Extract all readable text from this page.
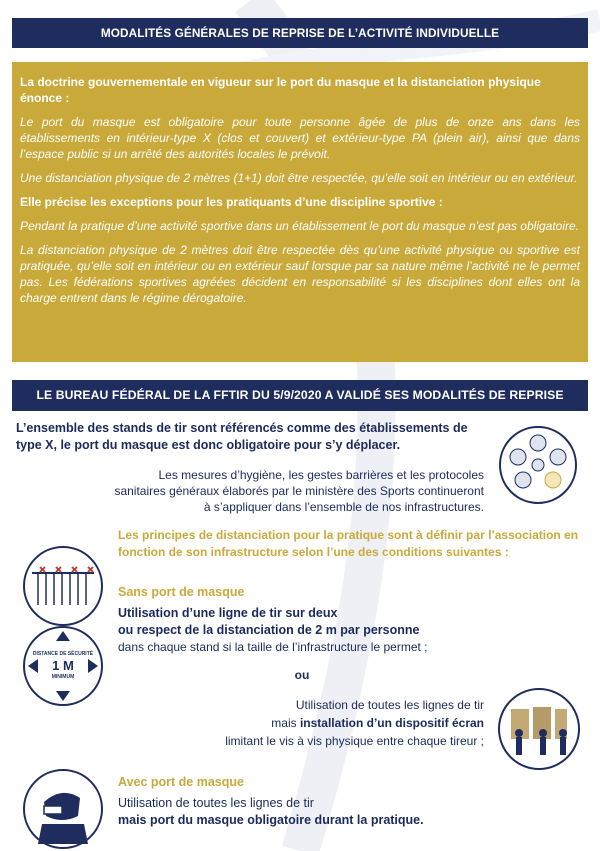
MODALITÉS GÉNÉRALES DE REPRISE DE L’ACTIVITÉ INDIVIDUELLE

La doctrine gouvernementale en vigueur sur le port du masque et la distanciation physique énonce :

Le port du masque est obligatoire pour toute personne âgée de plus de onze ans dans les établissements en intérieur-type X (clos et couvert) et extérieur-type PA (plein air), ainsi que dans l’espace public si un arrêté des autorités locales le prévoit.

Une distanciation physique de 2 mètres (1+1) doit être respectée, qu’elle soit en intérieur ou en extérieur.

Elle précise les exceptions pour les pratiquants d’une discipline sportive :

Pendant la pratique d’une activité sportive dans un établissement le port du masque n’est pas obligatoire.

La distanciation physique de 2 mètres doit être respectée dès qu’une activité physique ou sportive est pratiquée, qu’elle soit en intérieur ou en extérieur sauf lorsque par sa nature même l’activité ne le permet pas. Les fédérations sportives agréées décident en responsabilité si les disciplines dont elles ont la charge entrent dans le régime dérogatoire.

LE BUREAU FÉDÉRAL DE LA FFTIR DU 5/9/2020 A VALIDÉ SES MODALITÉS DE REPRISE
L’ensemble des stands de tir sont référencés comme des établissements de type X, le port du masque est donc obligatoire pour s’y déplacer.
Les mesures d’hygiène, les gestes barrières et les protocoles sanitaires généraux élaborés par le ministère des Sports continueront à s’appliquer dans l’ensemble de nos infrastructures.
Les principes de distanciation pour la pratique sont à définir par l’association en fonction de son infrastructure selon l’une des conditions suivantes :
Sans port de masque
Utilisation d’une ligne de tir sur deux
ou respect de la distanciation de 2 m par personne
dans chaque stand si la taille de l’infrastructure le permet ;
DISTANCE DE SÉCURITÉ
1 M
MINIMUM	ou
Utilisation de toutes les lignes de tir
mais installation d’un dispositif écran
limitant le vis à vis physique entre chaque tireur ;
Avec port de masque
Utilisation de toutes les lignes de tir
mais port du masque obligatoire durant la pratique.
